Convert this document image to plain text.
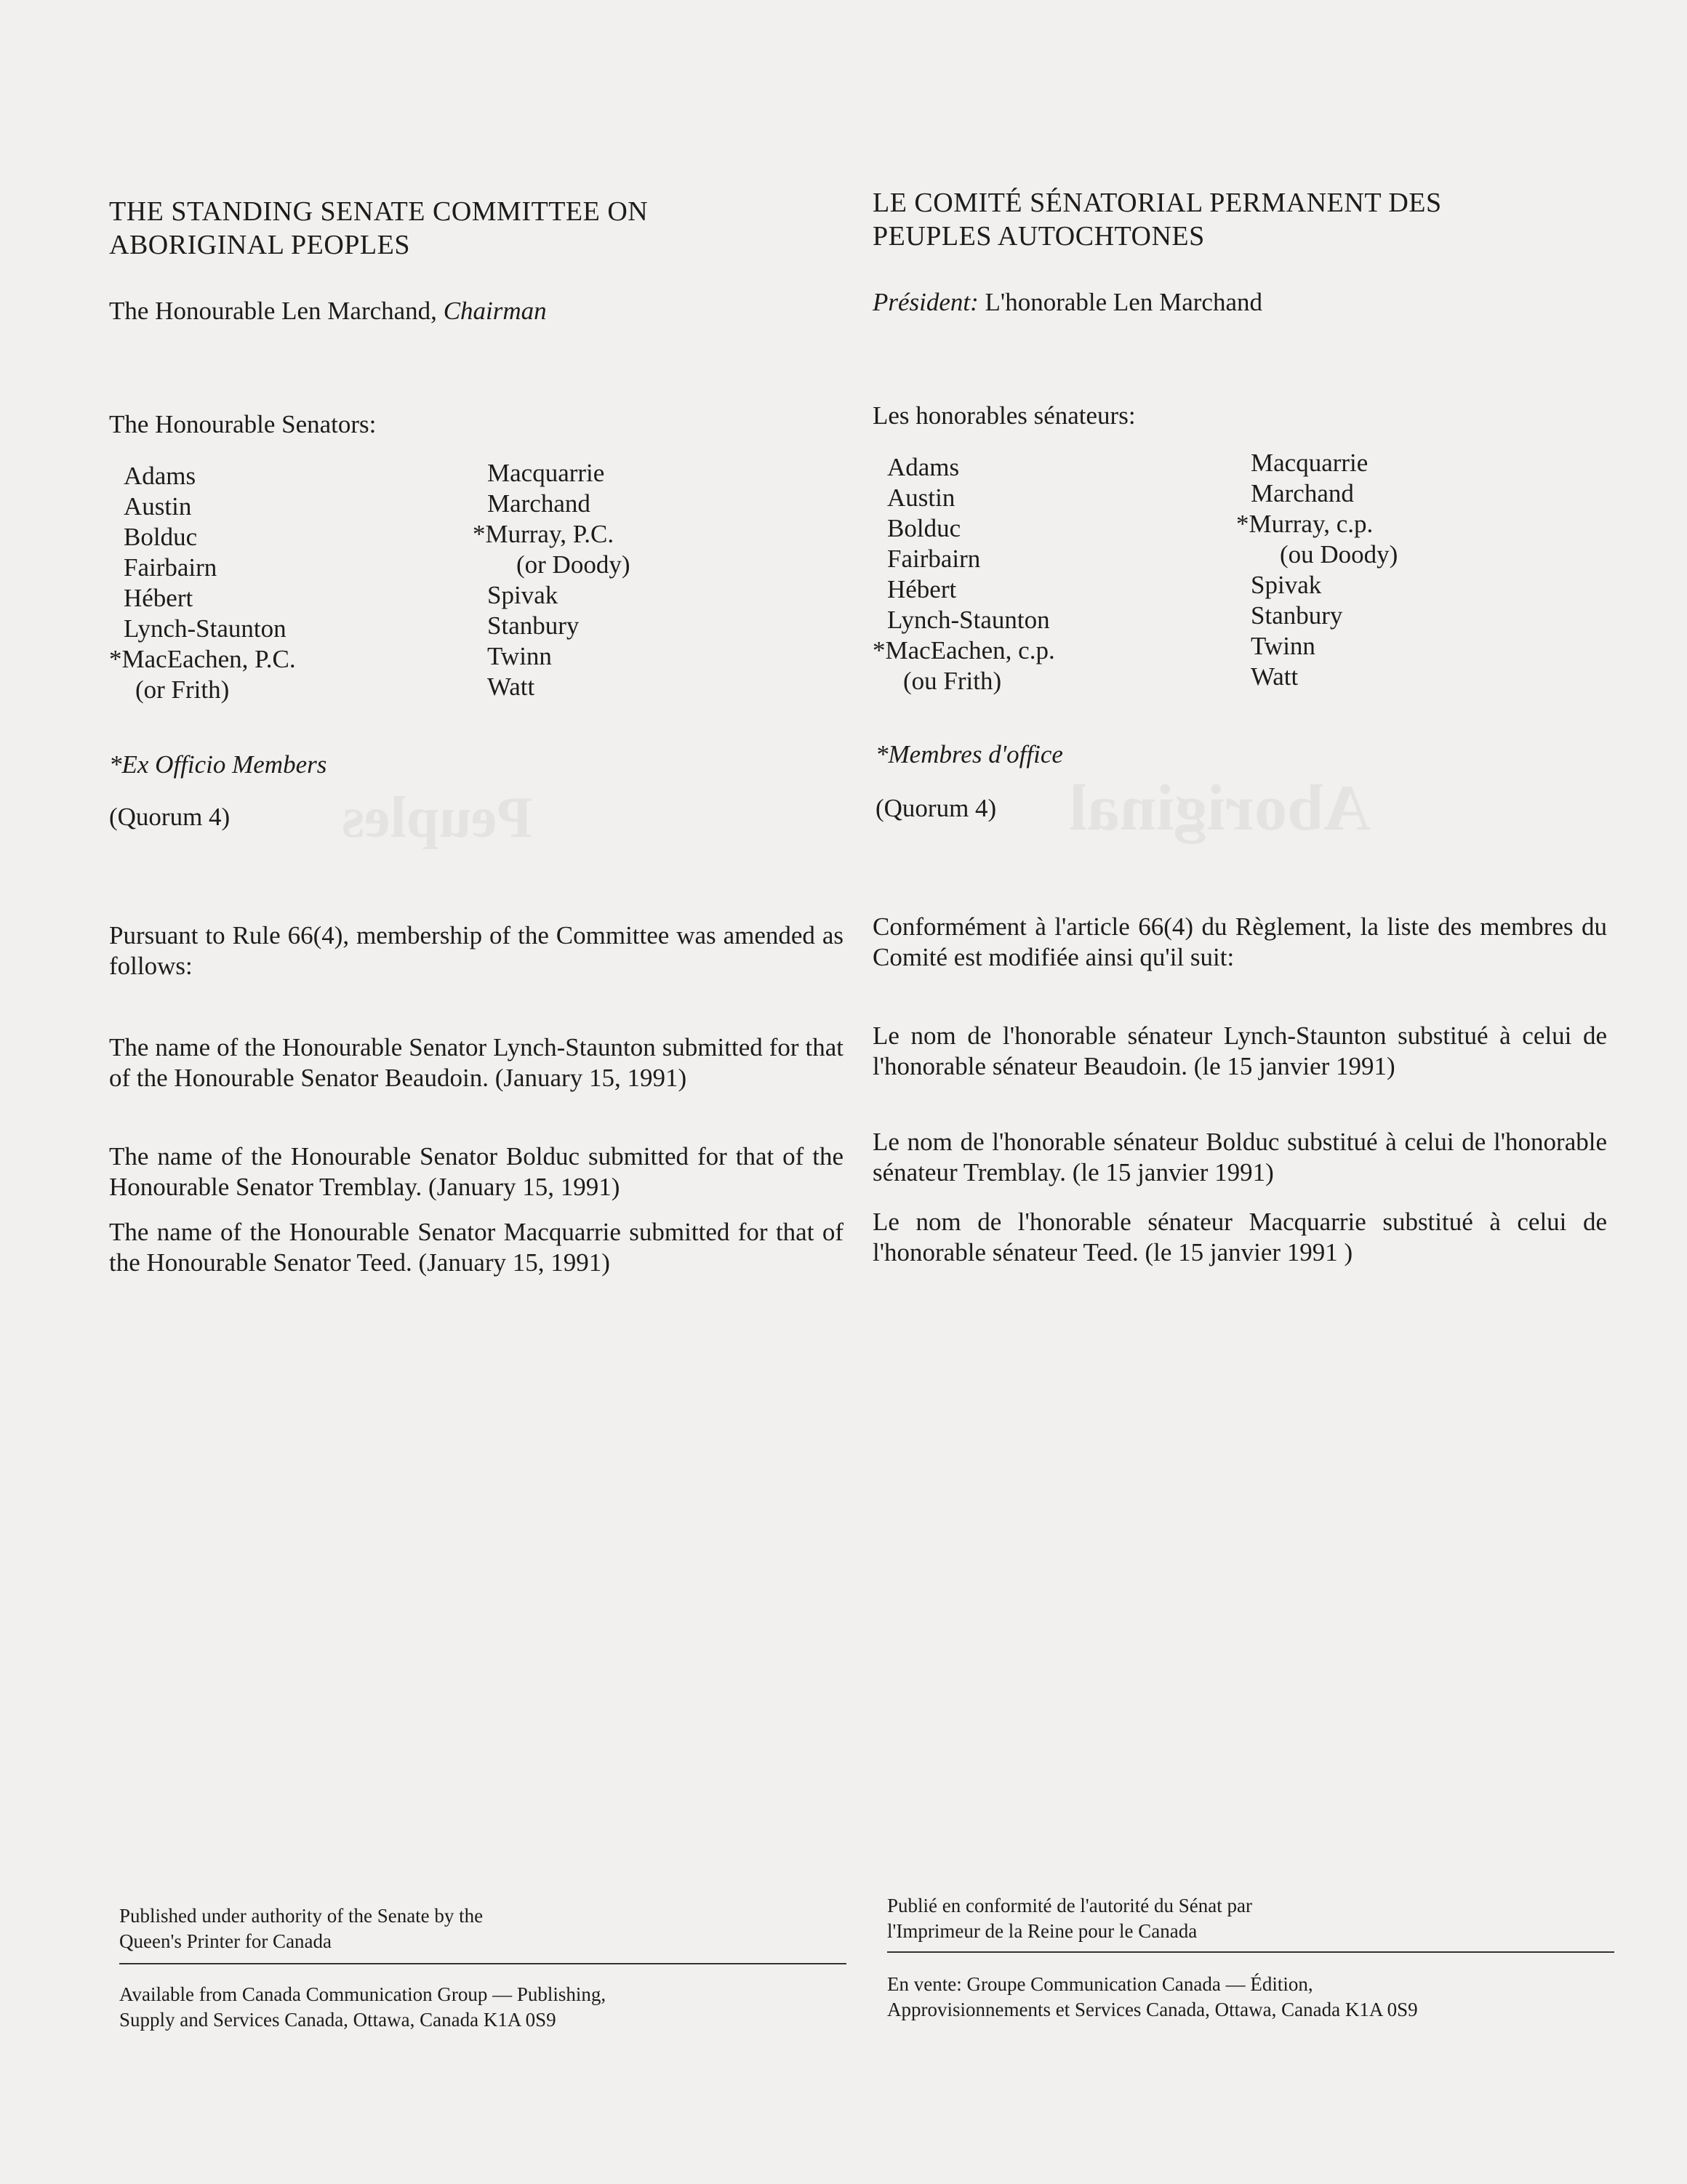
Aboriginal
Peuples
THE STANDING SENATE COMMITTEE ON
ABORIGINAL PEOPLES
The Honourable Len Marchand, Chairman
The Honourable Senators:
Adams
Austin
Bolduc
Fairbairn
Hébert
Lynch-Staunton
*MacEachen, P.C.
(or Frith)
Macquarrie
Marchand
*Murray, P.C.
(or Doody)
Spivak
Stanbury
Twinn
Watt
*Ex Officio Members
(Quorum 4)
Pursuant to Rule 66(4), membership of the Committee was amended as follows:
The name of the Honourable Senator Lynch-Staunton submitted for that of the Honourable Senator Beaudoin. (January 15, 1991)
The name of the Honourable Senator Bolduc submitted for that of the Honourable Senator Tremblay. (January 15, 1991)
The name of the Honourable Senator Macquarrie submitted for that of the Honourable Senator Teed. (January 15, 1991)
Published under authority of the Senate by the
Queen's Printer for Canada
Available from Canada Communication Group — Publishing,
Supply and Services Canada, Ottawa, Canada K1A 0S9
LE COMITÉ SÉNATORIAL PERMANENT DES
PEUPLES AUTOCHTONES
Président: L'honorable Len Marchand
Les honorables sénateurs:
Adams
Austin
Bolduc
Fairbairn
Hébert
Lynch-Staunton
*MacEachen, c.p.
(ou Frith)
Macquarrie
Marchand
*Murray, c.p.
(ou Doody)
Spivak
Stanbury
Twinn
Watt
*Membres d'office
(Quorum 4)
Conformément à l'article 66(4) du Règlement, la liste des membres du Comité est modifiée ainsi qu'il suit:
Le nom de l'honorable sénateur Lynch-Staunton substitué à celui de l'honorable sénateur Beaudoin. (le 15 janvier 1991)
Le nom de l'honorable sénateur Bolduc substitué à celui de l'honorable sénateur Tremblay. (le 15 janvier 1991)
Le nom de l'honorable sénateur Macquarrie substitué à celui de l'honorable sénateur Teed. (le 15 janvier 1991 )
Publié en conformité de l'autorité du Sénat par
l'Imprimeur de la Reine pour le Canada
En vente: Groupe Communication Canada — Édition,
Approvisionnements et Services Canada, Ottawa, Canada K1A 0S9
